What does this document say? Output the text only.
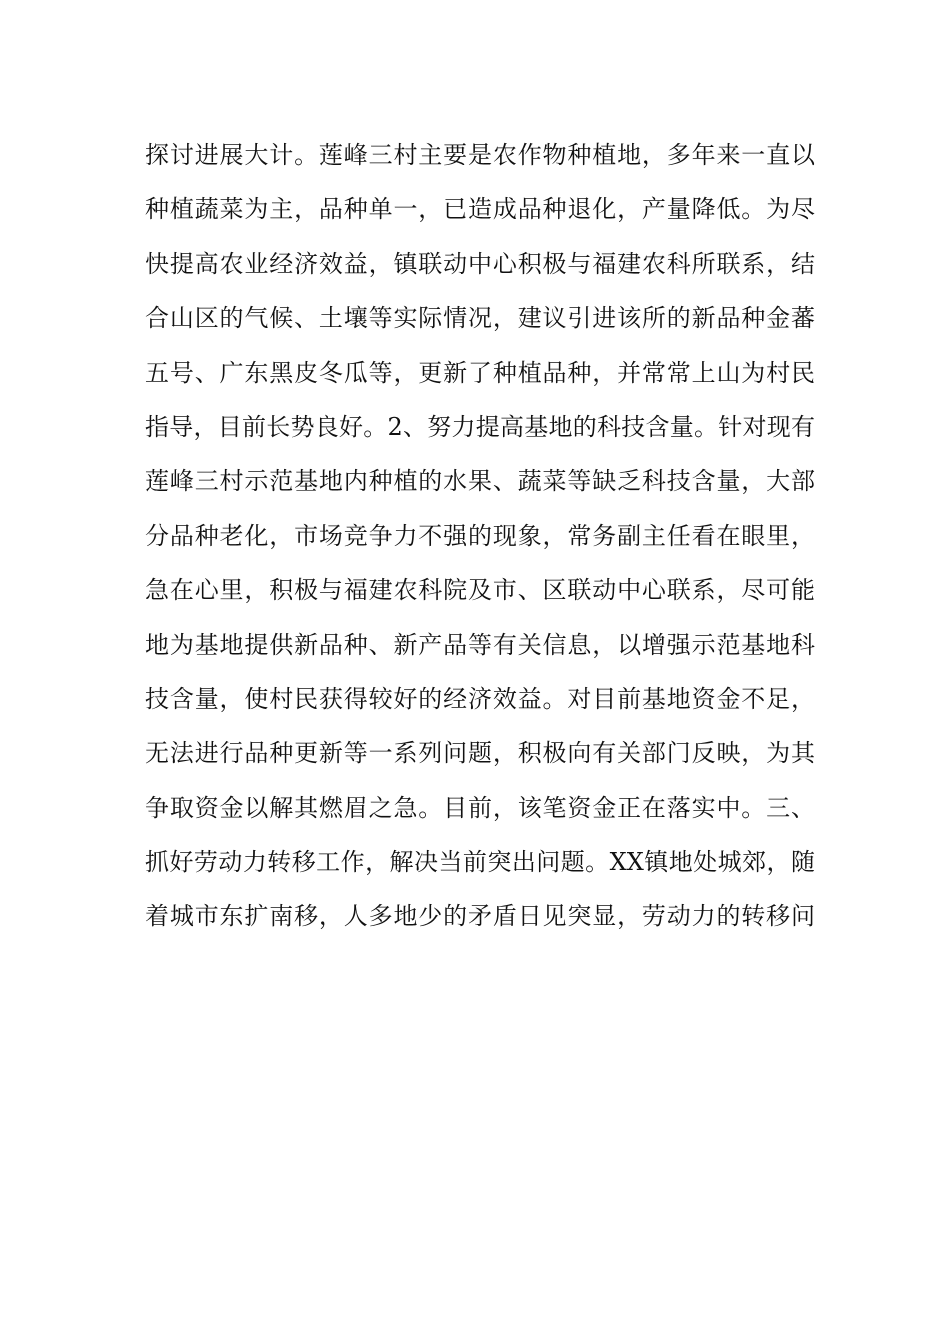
探讨进展大计。莲峰三村主要是农作物种植地，多年来一直以
种植蔬菜为主，品种单一，已造成品种退化，产量降低。为尽
快提高农业经济效益，镇联动中心积极与福建农科所联系，结
合山区的气候、土壤等实际情况，建议引进该所的新品种金蕃
五号、广东黑皮冬瓜等，更新了种植品种，并常常上山为村民
指导，目前长势良好。2、努力提高基地的科技含量。针对现有
莲峰三村示范基地内种植的水果、蔬菜等缺乏科技含量，大部
分品种老化，市场竞争力不强的现象，常务副主任看在眼里，
急在心里，积极与福建农科院及市、区联动中心联系，尽可能
地为基地提供新品种、新产品等有关信息，以增强示范基地科
技含量，使村民获得较好的经济效益。对目前基地资金不足，
无法进行品种更新等一系列问题，积极向有关部门反映，为其
争取资金以解其燃眉之急。目前，该笔资金正在落实中。三、
抓好劳动力转移工作，解决当前突出问题。XX镇地处城郊，随
着城市东扩南移，人多地少的矛盾日见突显，劳动力的转移问
